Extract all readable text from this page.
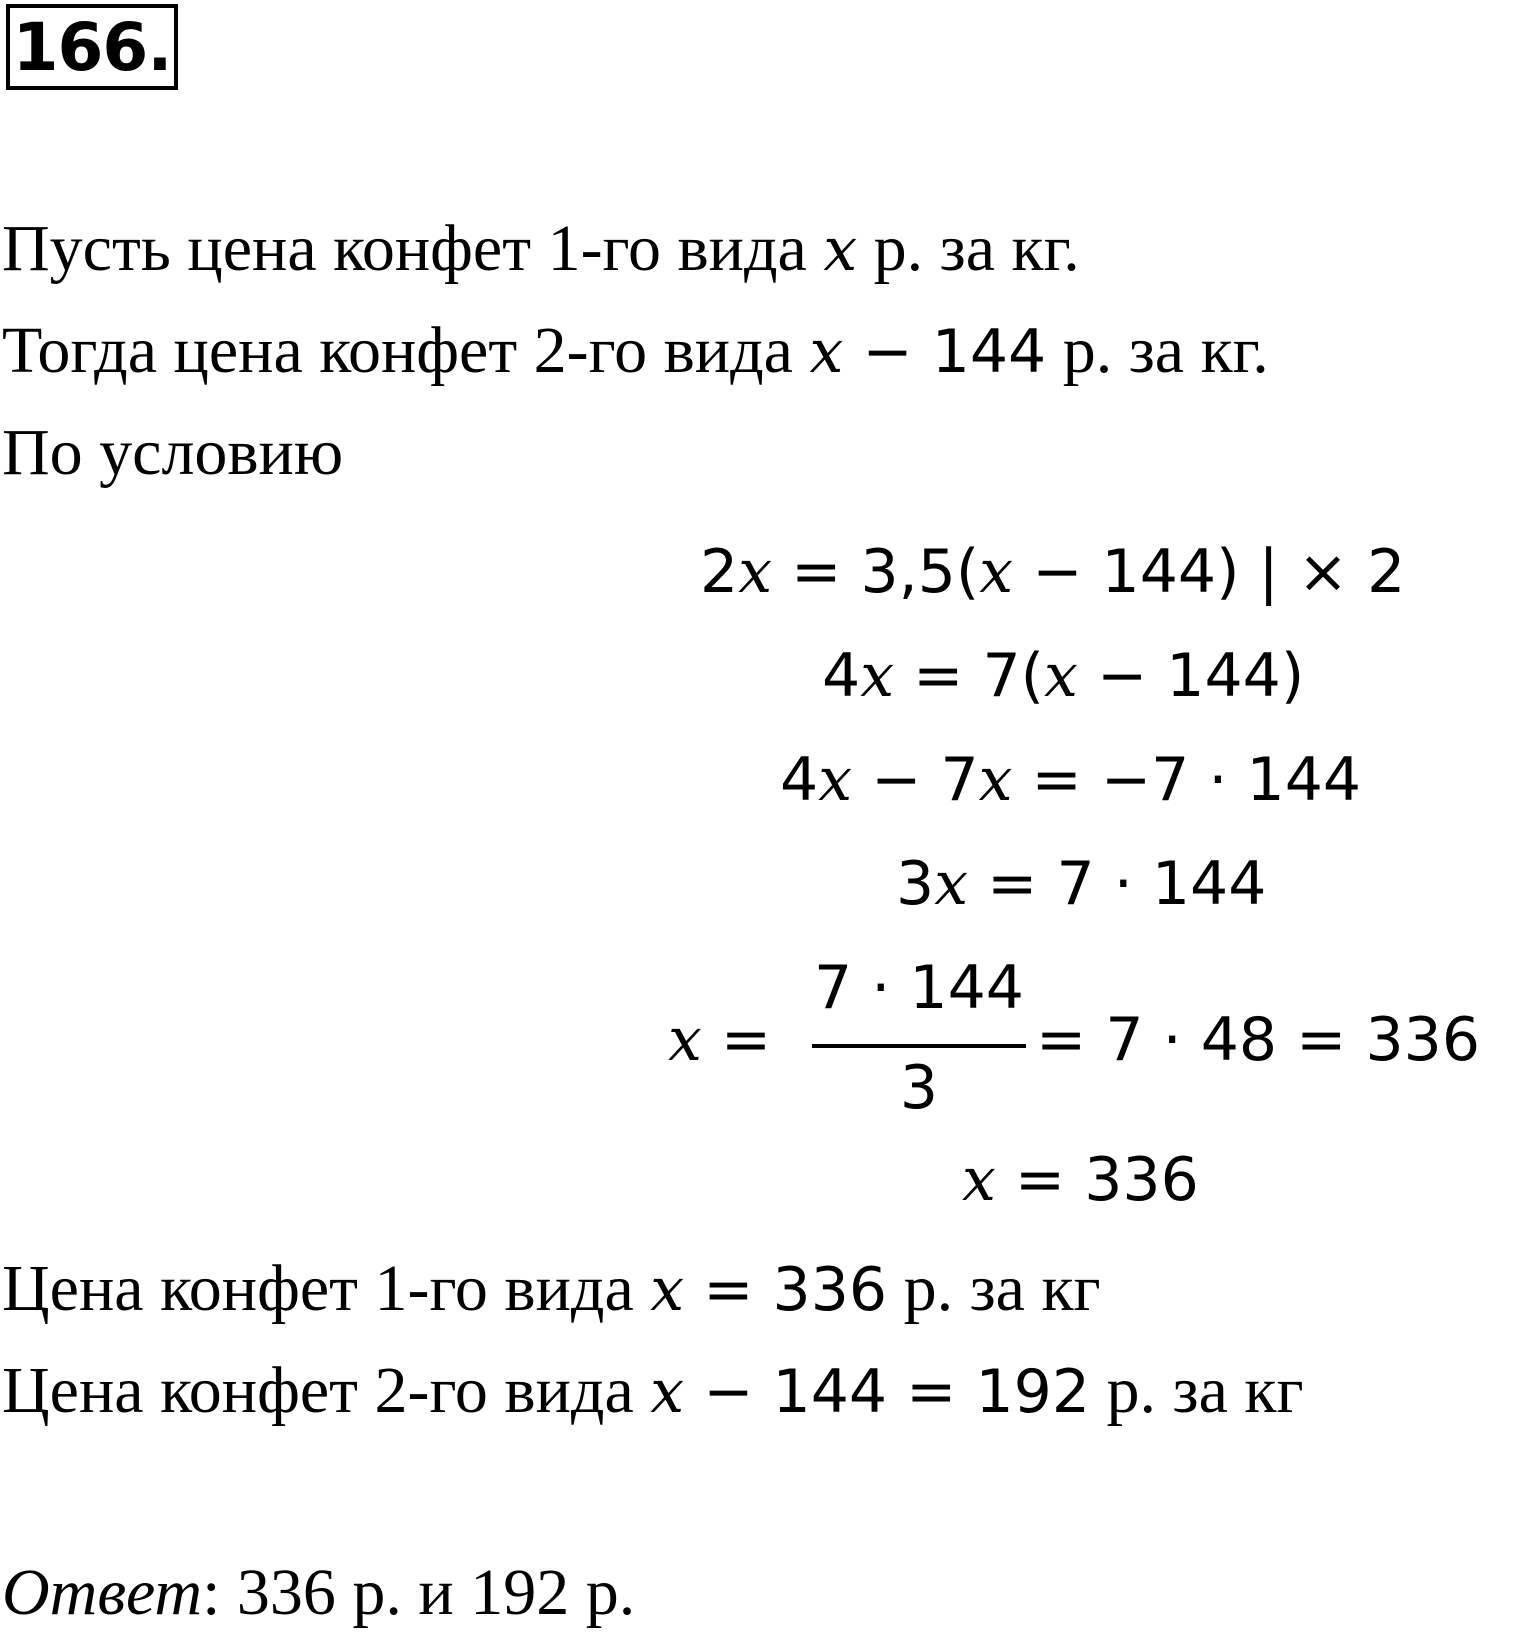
166.
Пусть цена конфет 1-го вида x р. за кг.
Тогда цена конфет 2-го вида x − 144 р. за кг.
По условию
2x = 3,5(x − 144) | × 2
4x = 7(x − 144)
4x − 7x = −7 · 144
3x = 7 · 144
x =
7 · 144
3
= 7 · 48 = 336
x = 336
Цена конфет 1-го вида x = 336 р. за кг
Цена конфет 2-го вида x − 144 = 192 р. за кг
Ответ: 336 р. и 192 р.
